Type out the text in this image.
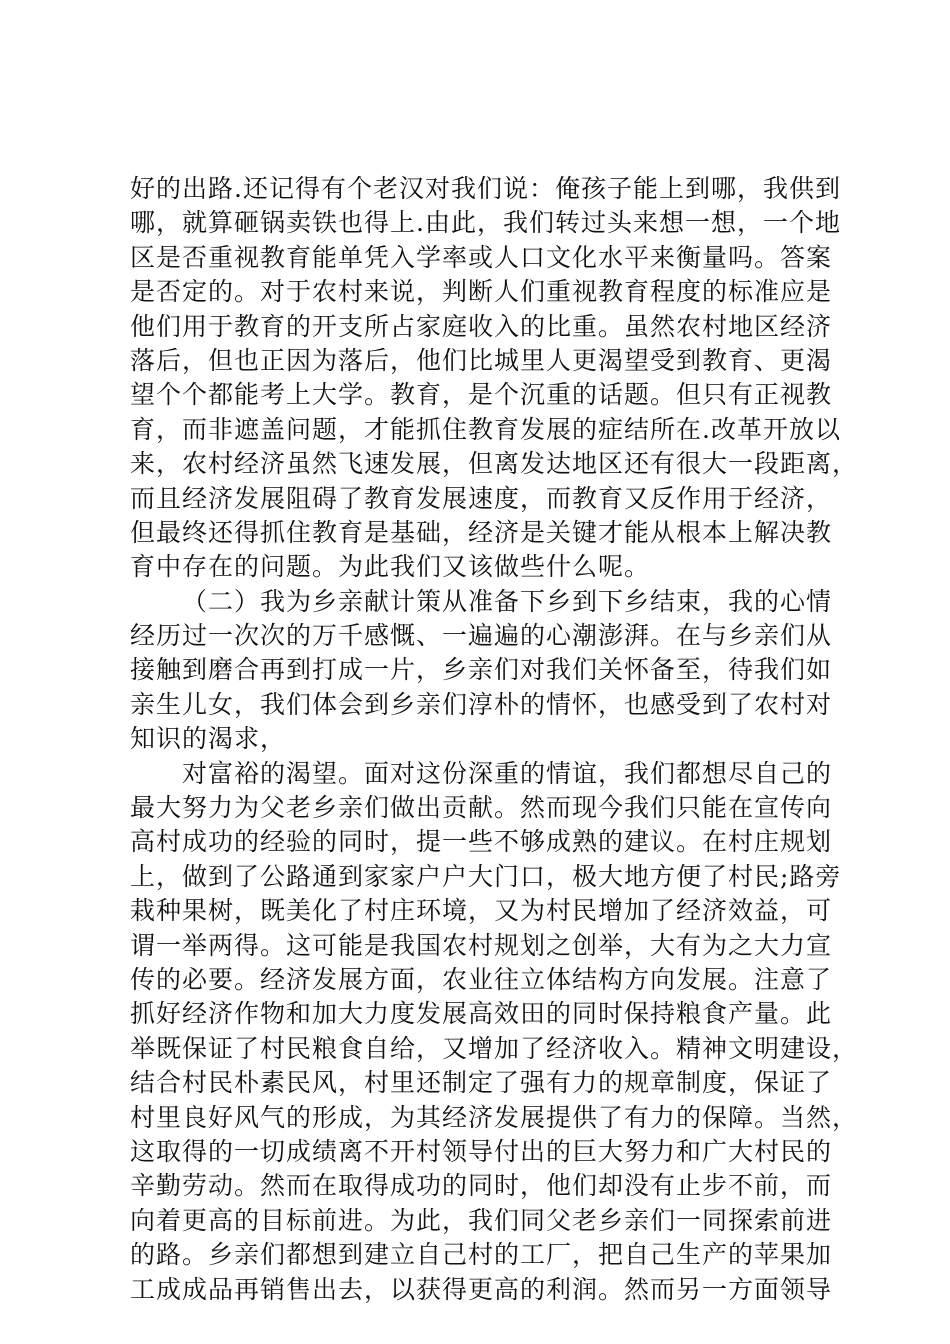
好的出路.还记得有个老汉对我们说：俺孩子能上到哪，我供到
哪，就算砸锅卖铁也得上.由此，我们转过头来想一想，一个地
区是否重视教育能单凭入学率或人口文化水平来衡量吗。答案
是否定的。对于农村来说，判断人们重视教育程度的标准应是
他们用于教育的开支所占家庭收入的比重。虽然农村地区经济
落后，但也正因为落后，他们比城里人更渴望受到教育、更渴
望个个都能考上大学。教育，是个沉重的话题。但只有正视教
育，而非遮盖问题，才能抓住教育发展的症结所在.改革开放以
来，农村经济虽然飞速发展，但离发达地区还有很大一段距离，
而且经济发展阻碍了教育发展速度，而教育又反作用于经济，
但最终还得抓住教育是基础，经济是关键才能从根本上解决教
育中存在的问题。为此我们又该做些什么呢。
（二）我为乡亲献计策从准备下乡到下乡结束，我的心情
经历过一次次的万千感慨、一遍遍的心潮澎湃。在与乡亲们从
接触到磨合再到打成一片，乡亲们对我们关怀备至，待我们如
亲生儿女，我们体会到乡亲们淳朴的情怀，也感受到了农村对
知识的渴求，
对富裕的渴望。面对这份深重的情谊，我们都想尽自己的
最大努力为父老乡亲们做出贡献。然而现今我们只能在宣传向
高村成功的经验的同时，提一些不够成熟的建议。在村庄规划
上，做到了公路通到家家户户大门口，极大地方便了村民;路旁
栽种果树，既美化了村庄环境，又为村民增加了经济效益，可
谓一举两得。这可能是我国农村规划之创举，大有为之大力宣
传的必要。经济发展方面，农业往立体结构方向发展。注意了
抓好经济作物和加大力度发展高效田的同时保持粮食产量。此
举既保证了村民粮食自给，又增加了经济收入。精神文明建设，
结合村民朴素民风，村里还制定了强有力的规章制度，保证了
村里良好风气的形成，为其经济发展提供了有力的保障。当然，
这取得的一切成绩离不开村领导付出的巨大努力和广大村民的
辛勤劳动。然而在取得成功的同时，他们却没有止步不前，而
向着更高的目标前进。为此，我们同父老乡亲们一同探索前进
的路。乡亲们都想到建立自己村的工厂，把自己生产的苹果加
工成成品再销售出去，以获得更高的利润。然而另一方面领导
